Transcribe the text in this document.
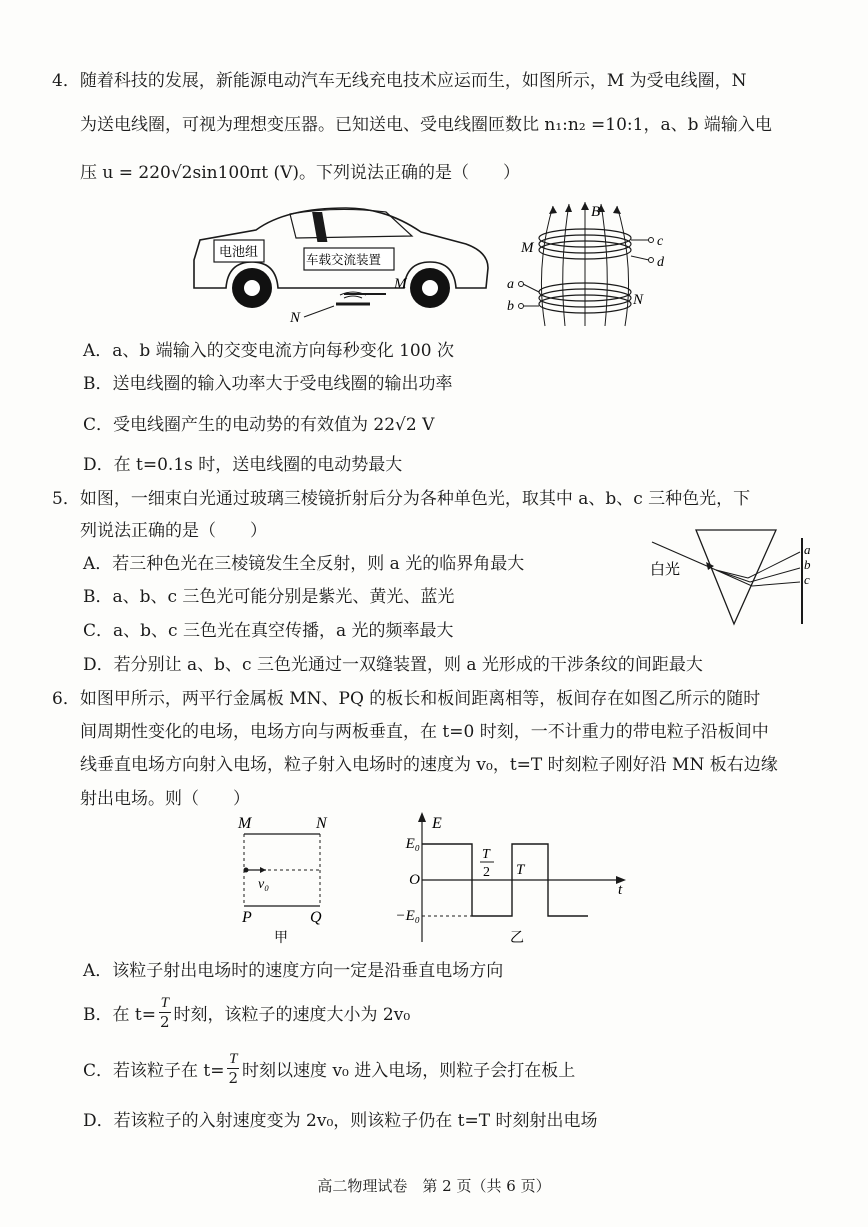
4．随着科技的发展，新能源电动汽车无线充电技术应运而生，如图所示，M 为受电线圈，N
为送电线圈，可视为理想变压器。已知送电、受电线圈匝数比 n₁:n₂ =10:1，a、b 端输入电
压 u = 220√2sin100πt (V)。下列说法正确的是（　　）
电池组
车载交流装置
M
N
B
M	c
d
a
b	N
A．a、b 端输入的交变电流方向每秒变化 100 次
B．送电线圈的输入功率大于受电线圈的输出功率
C．受电线圈产生的电动势的有效值为 22√2 V
D．在 t=0.1s 时，送电线圈的电动势最大
5．如图，一细束白光通过玻璃三棱镜折射后分为各种单色光，取其中 a、b、c 三种色光，下
列说法正确的是（　　）
白光
a
b
c
A．若三种色光在三棱镜发生全反射，则 a 光的临界角最大
B．a、b、c 三色光可能分别是紫光、黄光、蓝光
C．a、b、c 三色光在真空传播，a 光的频率最大
D．若分别让 a、b、c 三色光通过一双缝装置，则 a 光形成的干涉条纹的间距最大
6．如图甲所示，两平行金属板 MN、PQ 的板长和板间距离相等，板间存在如图乙所示的随时
间周期性变化的电场，电场方向与两板垂直，在 t=0 时刻，一不计重力的带电粒子沿板间中
线垂直电场方向射入电场，粒子射入电场时的速度为 v₀，t=T 时刻粒子刚好沿 MN 板右边缘
射出电场。则（　　）
M	N
v₀
P	Q
甲
E
t
O
E₀
−E₀
T
2 T
乙
A．该粒子射出电场时的速度方向一定是沿垂直电场方向
B．在 $t= \frac{T}{2}$ 时刻，该粒子的速度大小为 2v₀
C．若该粒子在 $t= \frac{T}{2}$ 时刻以速度 v₀ 进入电场，则粒子会打在板上
D．若该粒子的入射速度变为 2v₀，则该粒子仍在 t=T 时刻射出电场
高二物理试卷　第 2 页（共 6 页）
